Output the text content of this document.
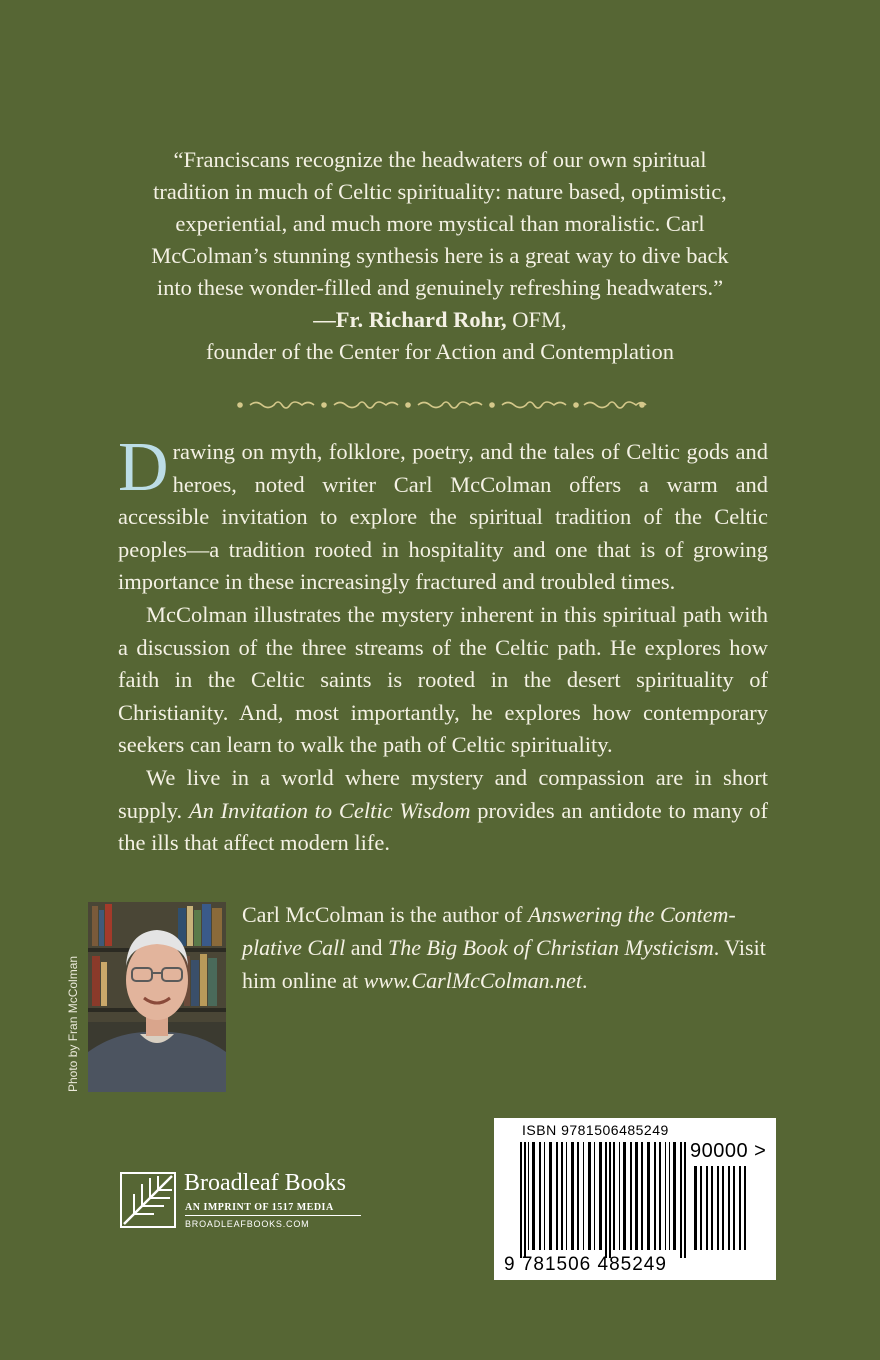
“Franciscans recognize the headwaters of our own spiritual

tradition in much of Celtic spirituality: nature based, optimistic,

experiential, and much more mystical than moralistic. Carl

McColman’s stunning synthesis here is a great way to dive back

into these wonder-filled and genuinely refreshing headwaters.”

—Fr. Richard Rohr, OFM,

founder of the Center for Action and Contemplation

Drawing on myth, folklore, poetry, and the tales of Celtic gods and heroes, noted writer Carl McColman offers a warm and accessible invitation to explore the spiritual tradition of the Celtic peoples—a tradition rooted in hospitality and one that is of growing importance in these increasingly fractured and troubled times.

McColman illustrates the mystery inherent in this spiritual path with a discussion of the three streams of the Celtic path. He explores how faith in the Celtic saints is rooted in the desert spirituality of Christianity. And, most importantly, he explores how contemporary seekers can learn to walk the path of Celtic spirituality.

We live in a world where mystery and compassion are in short supply. An Invitation to Celtic Wisdom provides an antidote to many of the ills that affect modern life.

Photo by Fran McColman

Carl McColman is the author of Answering the Contemplative Call and The Big Book of Christian Mysticism. Visit him online at www.CarlMcColman.net.

Broadleaf Books
AN IMPRINT OF 1517 MEDIA
BROADLEAFBOOKS.COM
ISBN 9781506485249
90000 >
9 781506 485249
